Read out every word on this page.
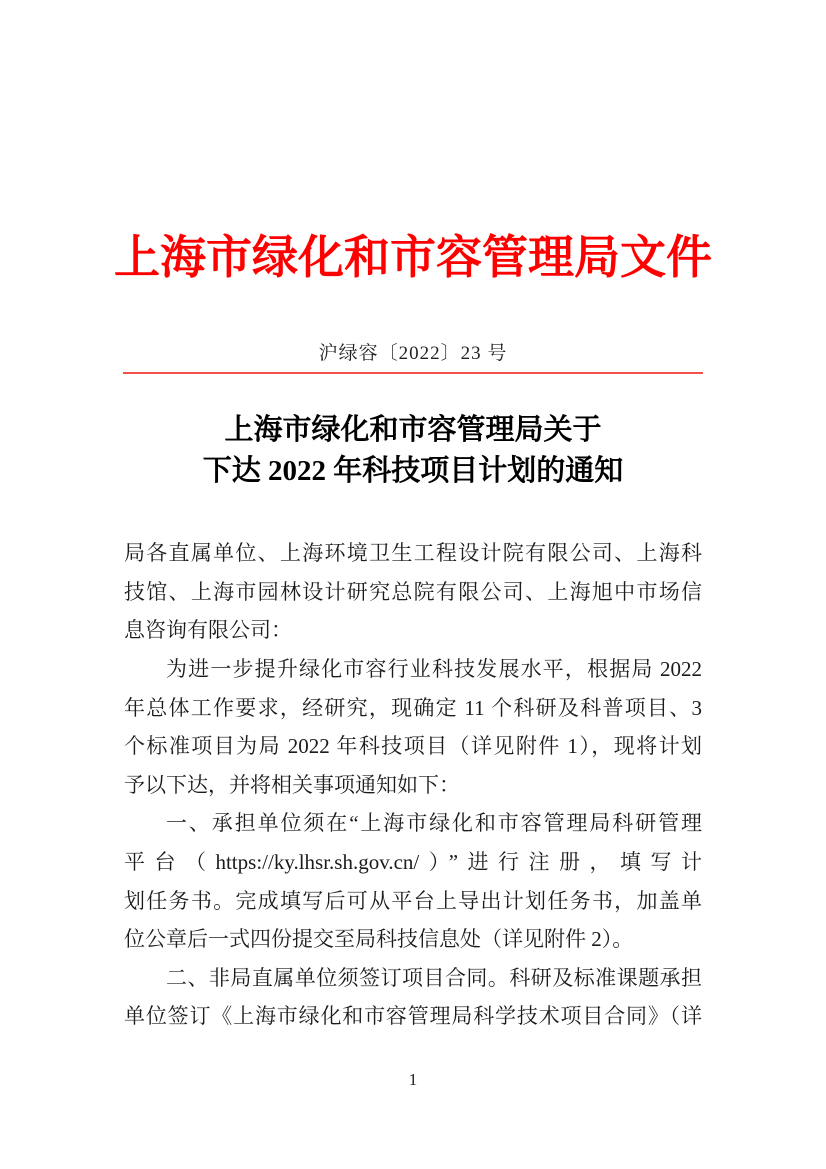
上海市绿化和市容管理局文件
沪绿容〔2022〕23 号
上海市绿化和市容管理局关于
下达 2022 年科技项目计划的通知
局各直属单位、上海环境卫生工程设计院有限公司、上海科
技馆、上海市园林设计研究总院有限公司、上海旭中市场信
息咨询有限公司：
为进一步提升绿化市容行业科技发展水平，根据局 2022
年总体工作要求，经研究，现确定 11 个科研及科普项目、3
个标准项目为局 2022 年科技项目（详见附件 1），现将计划
予以下达，并将相关事项通知如下：
一、承担单位须在“上海市绿化和市容管理局科研管理
平台（https://ky.lhsr.sh.gov.cn/）”进行注册，填写计
划任务书。完成填写后可从平台上导出计划任务书，加盖单
位公章后一式四份提交至局科技信息处（详见附件 2）。
二、非局直属单位须签订项目合同。科研及标准课题承担
单位签订《上海市绿化和市容管理局科学技术项目合同》（详
1
